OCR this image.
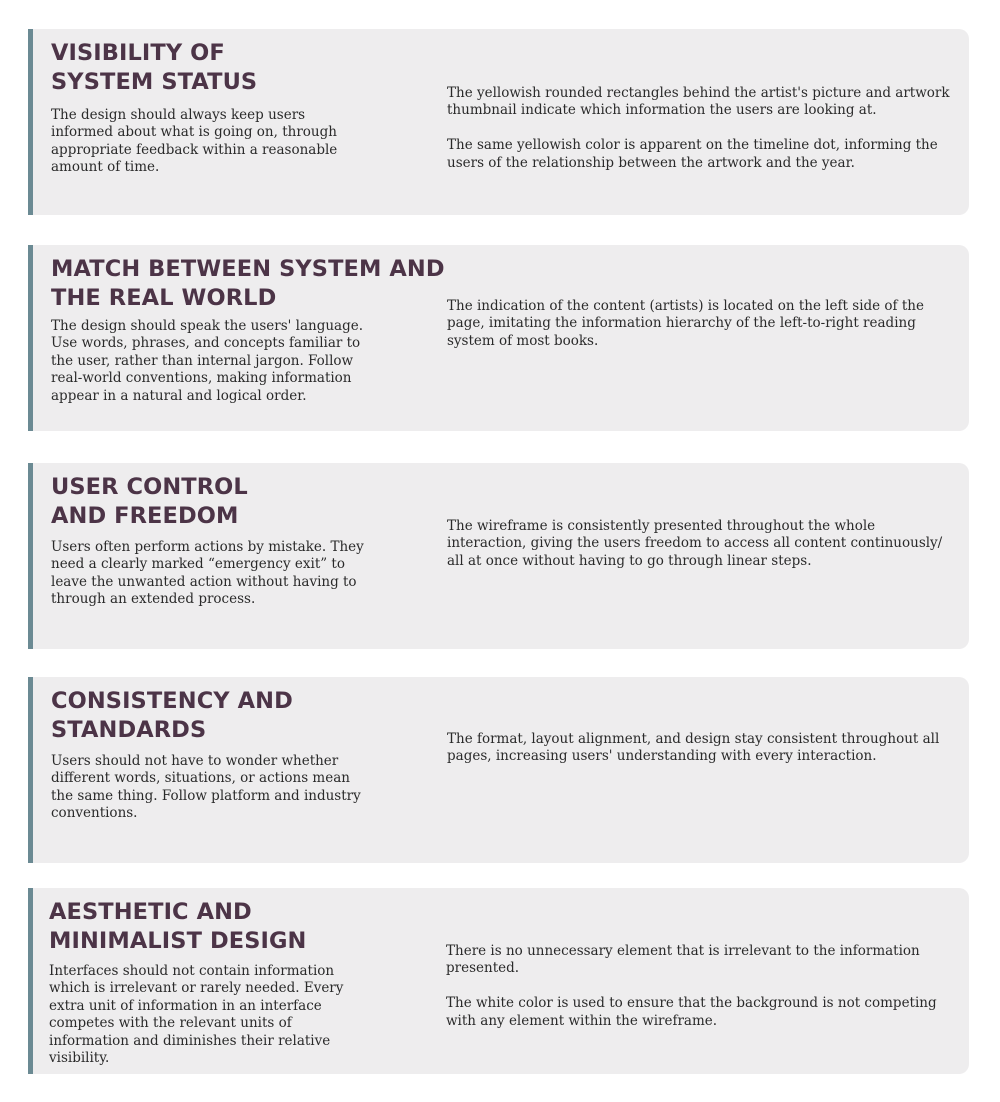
VISIBILITY OF
SYSTEM STATUS

The design should always keep users informed about what is going on, through appropriate feedback within a reasonable amount of time.

The yellowish rounded rectangles behind the artist's picture and artwork thumbnail indicate which information the users are looking at.

The same yellowish color is apparent on the timeline dot, informing the users of the relationship between the artwork and the year.

MATCH BETWEEN SYSTEM AND
THE REAL WORLD

The design should speak the users' language. Use words, phrases, and concepts familiar to the user, rather than internal jargon. Follow real-world conventions, making information appear in a natural and logical order.

The indication of the content (artists) is located on the left side of the page, imitating the information hierarchy of the left-to-right reading system of most books.

USER CONTROL
AND FREEDOM

Users often perform actions by mistake. They need a clearly marked “emergency exit” to leave the unwanted action without having to through an extended process.

The wireframe is consistently presented throughout the whole interaction, giving the users freedom to access all content continuously/ all at once without having to go through linear steps.

CONSISTENCY AND
STANDARDS

Users should not have to wonder whether different words, situations, or actions mean the same thing. Follow platform and industry conventions.

The format, layout alignment, and design stay consistent throughout all pages, increasing users' understanding with every interaction.

AESTHETIC AND
MINIMALIST DESIGN

Interfaces should not contain information which is irrelevant or rarely needed. Every extra unit of information in an interface competes with the relevant units of information and diminishes their relative visibility.

There is no unnecessary element that is irrelevant to the information presented.

The white color is used to ensure that the background is not competing with any element within the wireframe.
